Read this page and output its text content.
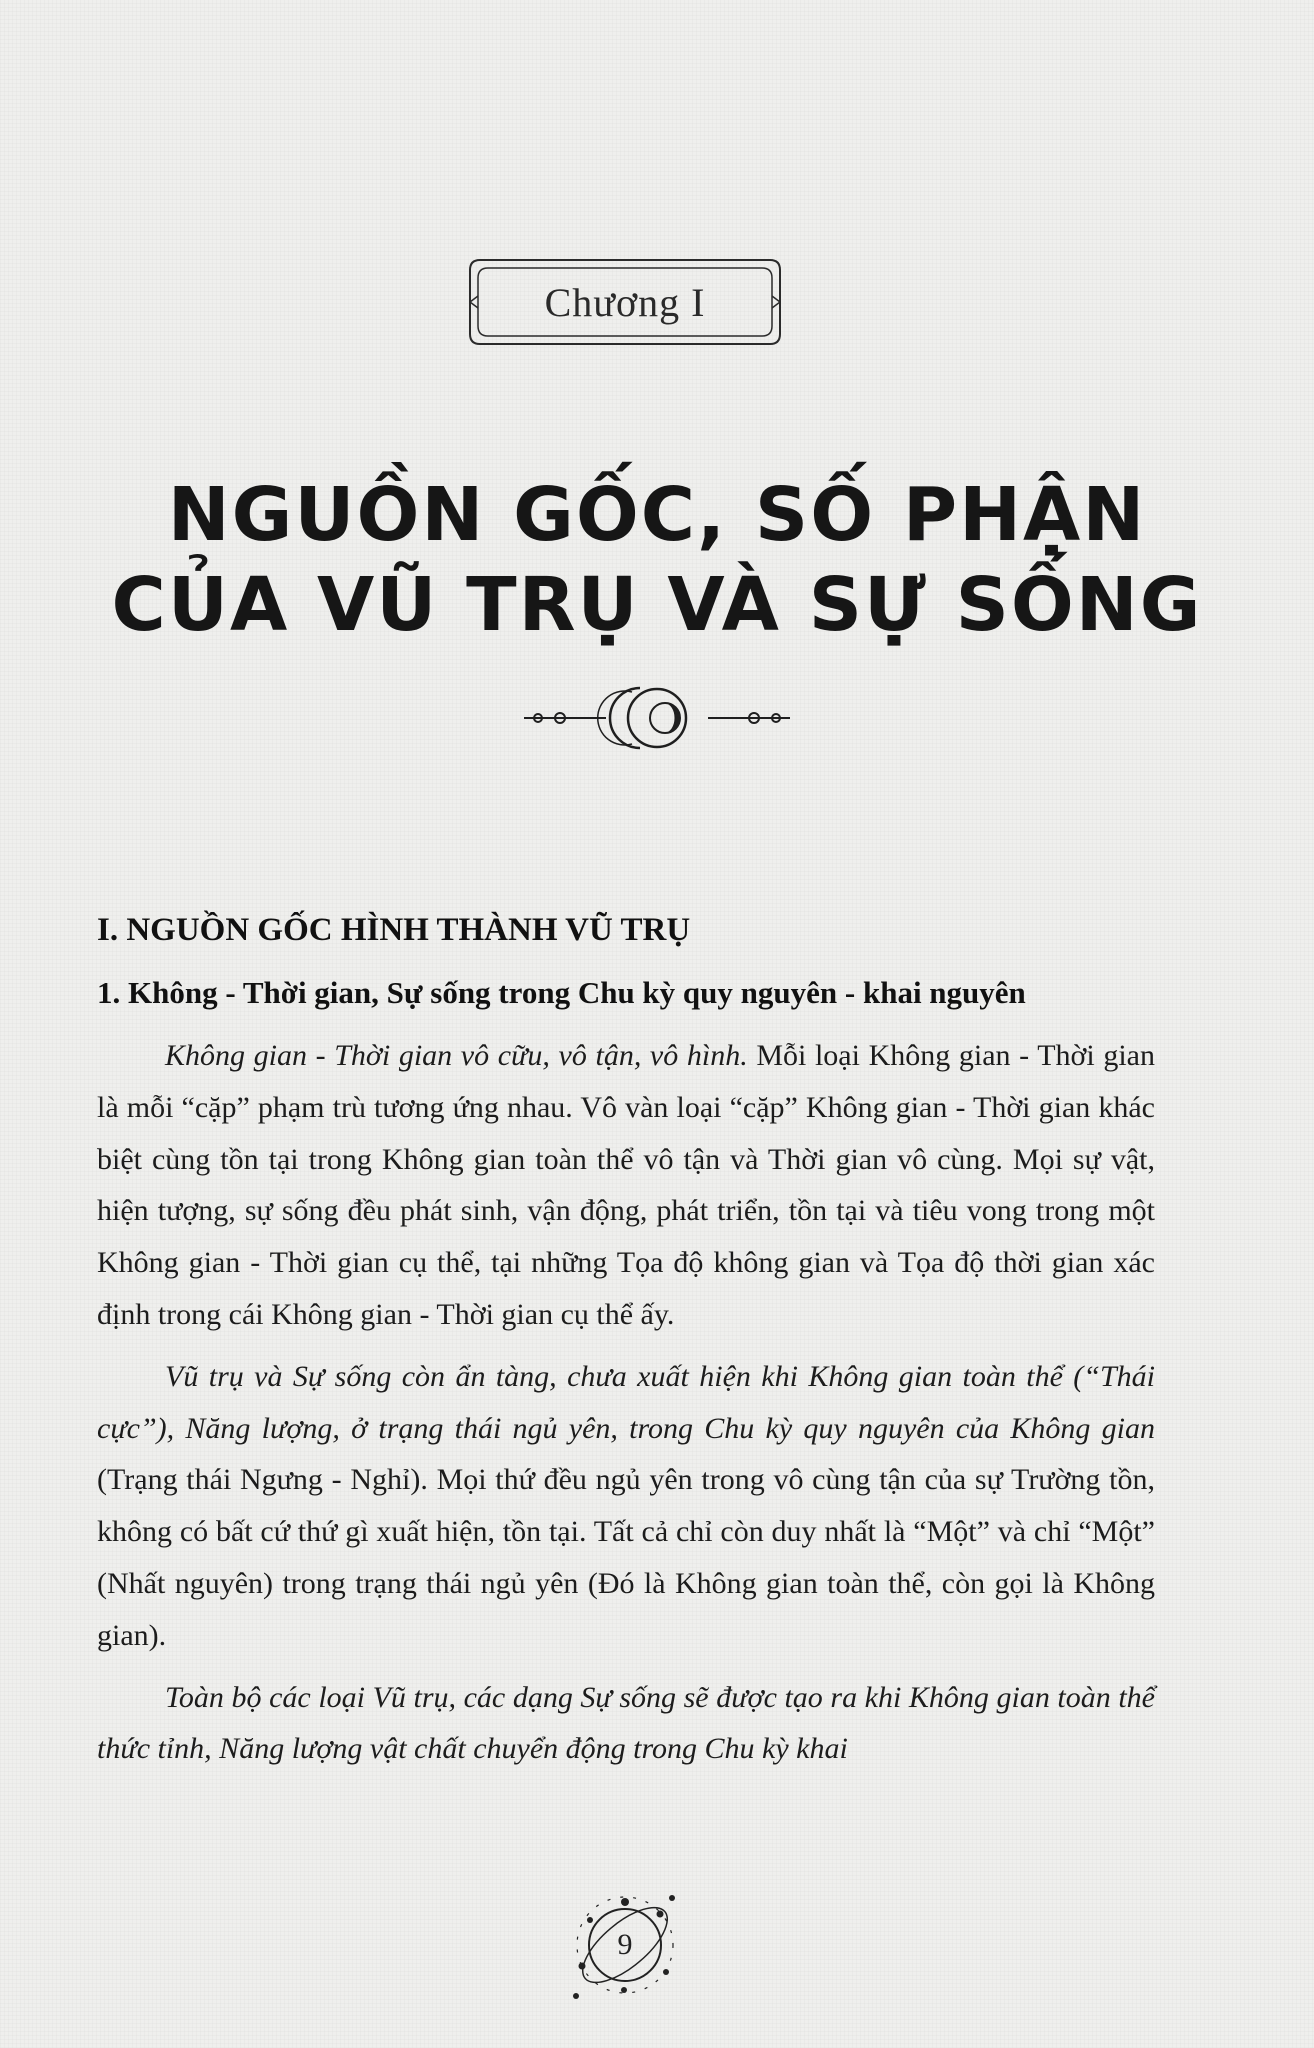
Chương I
NGUỒN GỐC, SỐ PHẬN
CỦA VŨ TRỤ VÀ SỰ SỐNG
I. NGUỒN GỐC HÌNH THÀNH VŨ TRỤ
1. Không - Thời gian, Sự sống trong Chu kỳ quy nguyên - khai nguyên

Không gian - Thời gian vô cữu, vô tận, vô hình. Mỗi loại Không gian - Thời gian là mỗi “cặp” phạm trù tương ứng nhau. Vô vàn loại “cặp” Không gian - Thời gian khác biệt cùng tồn tại trong Không gian toàn thể vô tận và Thời gian vô cùng. Mọi sự vật, hiện tượng, sự sống đều phát sinh, vận động, phát triển, tồn tại và tiêu vong trong một Không gian - Thời gian cụ thể, tại những Tọa độ không gian và Tọa độ thời gian xác định trong cái Không gian - Thời gian cụ thể ấy.

Vũ trụ và Sự sống còn ẩn tàng, chưa xuất hiện khi Không gian toàn thể (“Thái cực”), Năng lượng, ở trạng thái ngủ yên, trong Chu kỳ quy nguyên của Không gian (Trạng thái Ngưng - Nghỉ). Mọi thứ đều ngủ yên trong vô cùng tận của sự Trường tồn, không có bất cứ thứ gì xuất hiện, tồn tại. Tất cả chỉ còn duy nhất là “Một” và chỉ “Một” (Nhất nguyên) trong trạng thái ngủ yên (Đó là Không gian toàn thể, còn gọi là Không gian).

Toàn bộ các loại Vũ trụ, các dạng Sự sống sẽ được tạo ra khi Không gian toàn thể thức tỉnh, Năng lượng vật chất chuyển động trong Chu kỳ khai

9
